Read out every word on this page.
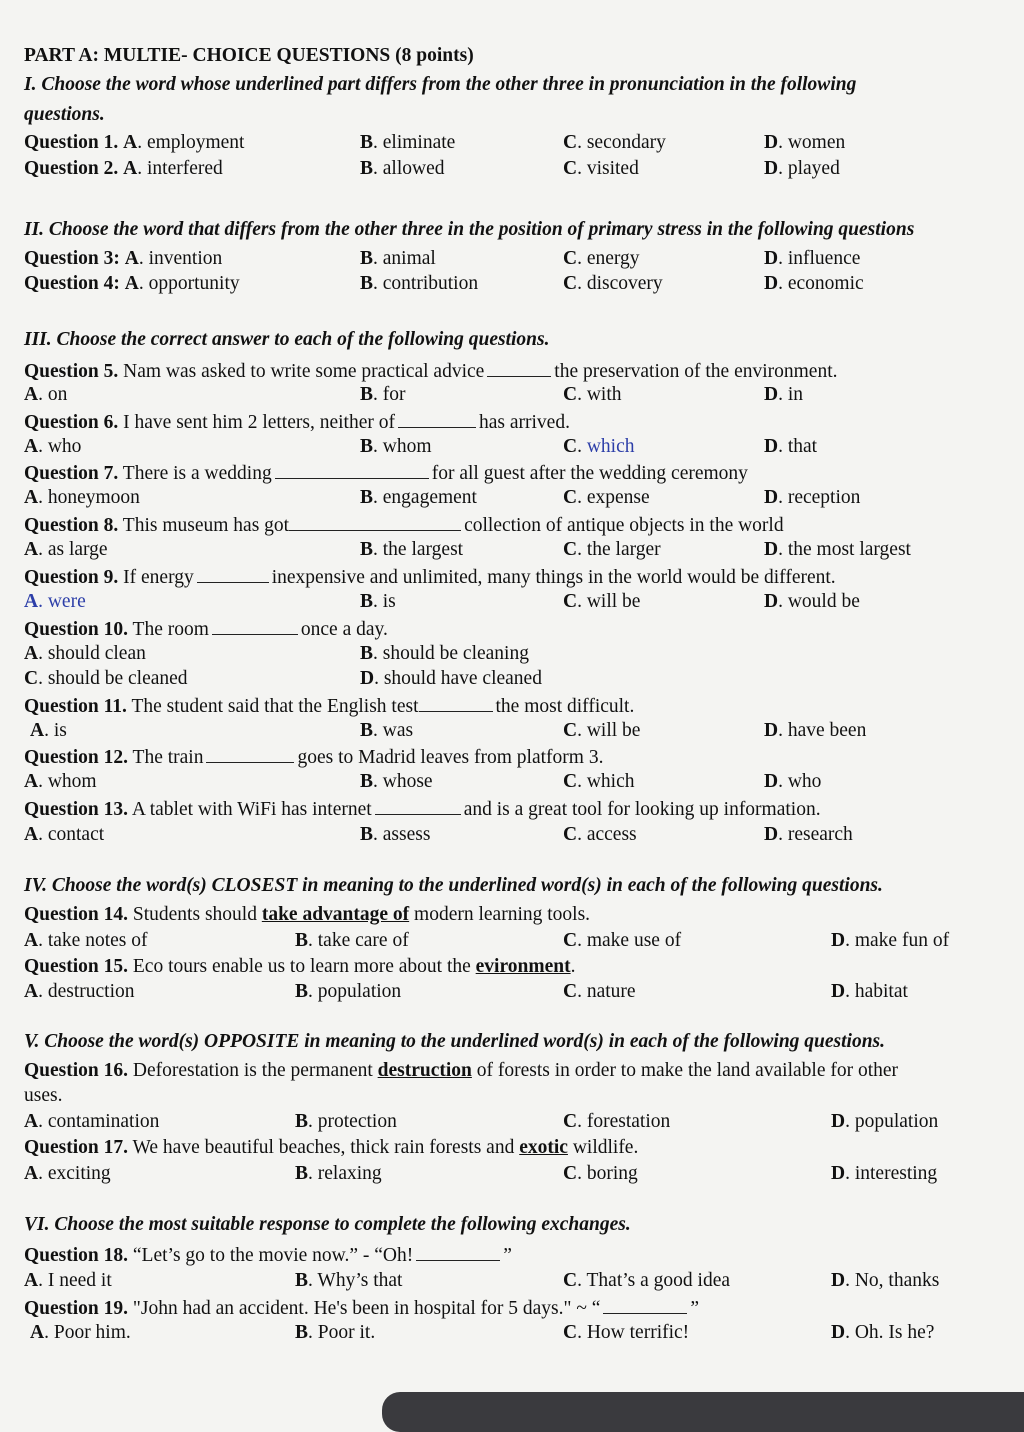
PART A: MULTIE- CHOICE QUESTIONS (8 points)
I. Choose the word whose underlined part differs from the other three in pronunciation in the following
questions.
Question 1. A. employment	B. eliminate	C. secondary	D. women
Question 2. A. interfered	B. allowed	C. visited	D. played
II. Choose the word that differs from the other three in the position of primary stress in the following questions
Question 3: A. invention	B. animal	C. energy	D. influence
Question 4: A. opportunity	B. contribution	C. discovery	D. economic
III. Choose the correct answer to each of the following questions.
Question 5. Nam was asked to write some practical advice	the preservation of the environment.
A. on	B. for	C. with	D. in
Question 6. I have sent him 2 letters, neither of	has arrived.
A. who	B. whom	C. which	D. that
Question 7. There is a wedding	for all guest after the wedding ceremony
A. honeymoon	B. engagement	C. expense	D. reception
Question 8. This museum has got	collection of antique objects in the world
A. as large	B. the largest	C. the larger	D. the most largest
Question 9. If energy	inexpensive and unlimited, many things in the world would be different.
A. were	B. is	C. will be	D. would be
Question 10. The room	once a day.
A. should clean	B. should be cleaning
C. should be cleaned	D. should have cleaned
Question 11. The student said that the English test	the most difficult.
A. is	B. was	C. will be	D. have been
Question 12. The train	goes to Madrid leaves from platform 3.
A. whom	B. whose	C. which	D. who
Question 13. A tablet with WiFi has internet	and is a great tool for looking up information.
A. contact	B. assess	C. access	D. research
IV. Choose the word(s) CLOSEST in meaning to the underlined word(s) in each of the following questions.
Question 14. Students should take advantage of modern learning tools.
A. take notes of	B. take care of	C. make use of	D. make fun of
Question 15. Eco tours enable us to learn more about the evironment.
A. destruction	B. population	C. nature	D. habitat
V. Choose the word(s) OPPOSITE in meaning to the underlined word(s) in each of the following questions.
Question 16. Deforestation is the permanent destruction of forests in order to make the land available for other
uses.
A. contamination	B. protection	C. forestation	D. population
Question 17. We have beautiful beaches, thick rain forests and exotic wildlife.
A. exciting	B. relaxing	C. boring	D. interesting
VI. Choose the most suitable response to complete the following exchanges.
Question 18. “Let’s go to the movie now.” - “Oh!	”
A. I need it	B. Why’s that	C. That’s a good idea	D. No, thanks
Question 19. "John had an accident. He's been in hospital for 5 days." ~ “	”
A. Poor him.	B. Poor it.	C. How terrific!	D. Oh. Is he?
